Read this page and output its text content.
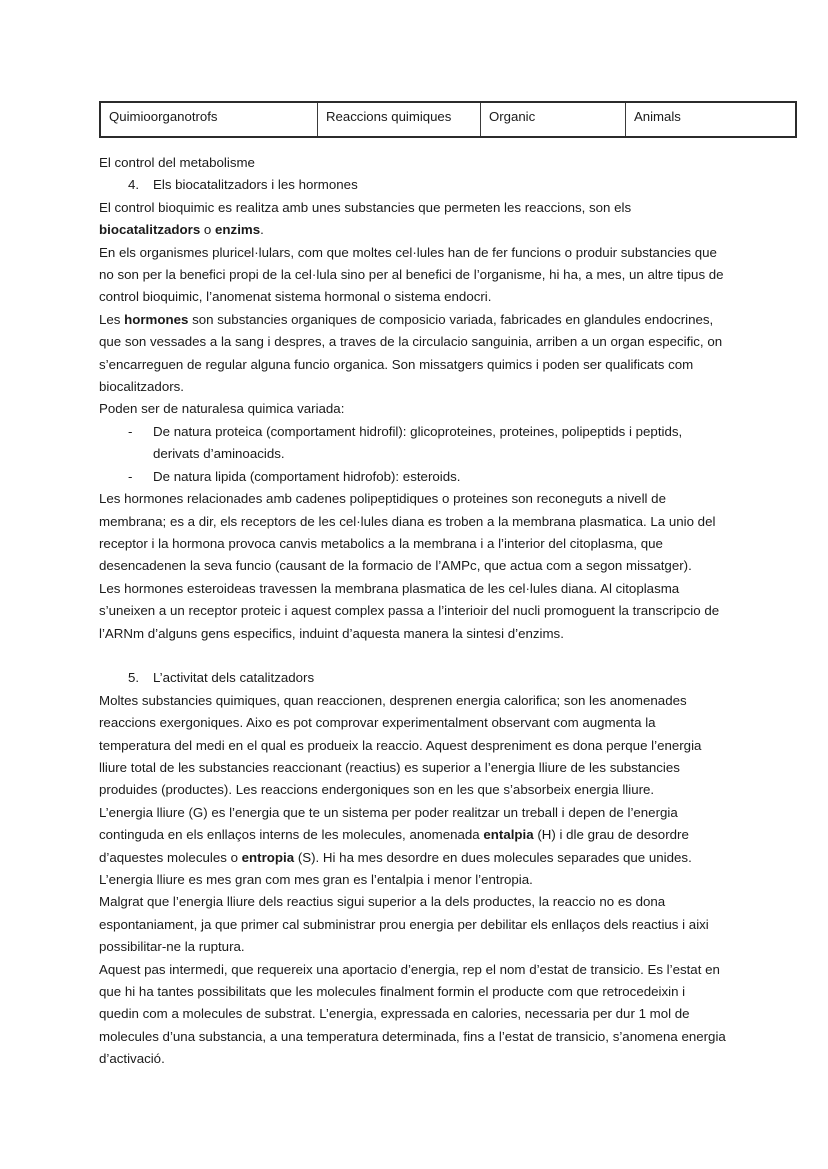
Quimioorganotrofs	Reaccions quimiques	Organic	Animals

El control del metabolisme

4.	Els biocatalitzadors i les hormones

El control bioquimic es realitza amb unes substancies que permeten les reaccions, son els biocatalitzadors o enzims.

En els organismes pluricel·lulars, com que moltes cel·lules han de fer funcions o produir substancies que no son per la benefici propi de la cel·lula sino per al benefici de l’organisme, hi ha, a mes, un altre tipus de control bioquimic, l’anomenat sistema hormonal o sistema endocri.

Les hormones son substancies organiques de composicio variada, fabricades en glandules endocrines, que son vessades a la sang i despres, a traves de la circulacio sanguinia, arriben a un organ especific, on s’encarreguen de regular alguna funcio organica. Son missatgers quimics i poden ser qualificats com biocalitzadors.

Poden ser de naturalesa quimica variada:

- De natura proteica (comportament hidrofil): glicoproteines, proteines, polipeptids i peptids, derivats d’aminoacids.
- De natura lipida (comportament hidrofob): esteroids.

Les hormones relacionades amb cadenes polipeptidiques o proteines son reconeguts a nivell de membrana; es a dir, els receptors de les cel·lules diana es troben a la membrana plasmatica. La unio del receptor i la hormona provoca canvis metabolics a la membrana i a l’interior del citoplasma, que desencadenen la seva funcio (causant de la formacio de l’AMPc, que actua com a segon missatger).

Les hormones esteroideas travessen la membrana plasmatica de les cel·lules diana. Al citoplasma s’uneixen a un receptor proteic i aquest complex passa a l’interioir del nucli promoguent la transcripcio de l’ARNm d’alguns gens especifics, induint d’aquesta manera la sintesi d’enzims.

5.	L’activitat dels catalitzadors

Moltes substancies quimiques, quan reaccionen, desprenen energia calorifica; son les anomenades reaccions exergoniques. Aixo es pot comprovar experimentalment observant com augmenta la temperatura del medi en el qual es produeix la reaccio. Aquest despreniment es dona perque l’energia lliure total de les substancies reaccionant (reactius) es superior a l’energia lliure de les substancies produides (productes). Les reaccions endergoniques son en les que s’absorbeix energia lliure.

L’energia lliure (G) es l’energia que te un sistema per poder realitzar un treball i depen de l’energia continguda en els enllaços interns de les molecules, anomenada entalpia (H) i dle grau de desordre d’aquestes molecules o entropia (S). Hi ha mes desordre en dues molecules separades que unides. L’energia lliure es mes gran com mes gran es l’entalpia i menor l’entropia.

Malgrat que l’energia lliure dels reactius sigui superior a la dels productes, la reaccio no es dona espontaniament, ja que primer cal subministrar prou energia per debilitar els enllaços dels reactius i aixi possibilitar-ne la ruptura.

Aquest pas intermedi, que requereix una aportacio d’energia, rep el nom d’estat de transicio. Es l’estat en que hi ha tantes possibilitats que les molecules finalment formin el producte com que retrocedeixin i quedin com a molecules de substrat. L’energia, expressada en calories, necessaria per dur 1 mol de molecules d’una substancia, a una temperatura determinada, fins a l’estat de transicio, s’anomena energia d’activació.
